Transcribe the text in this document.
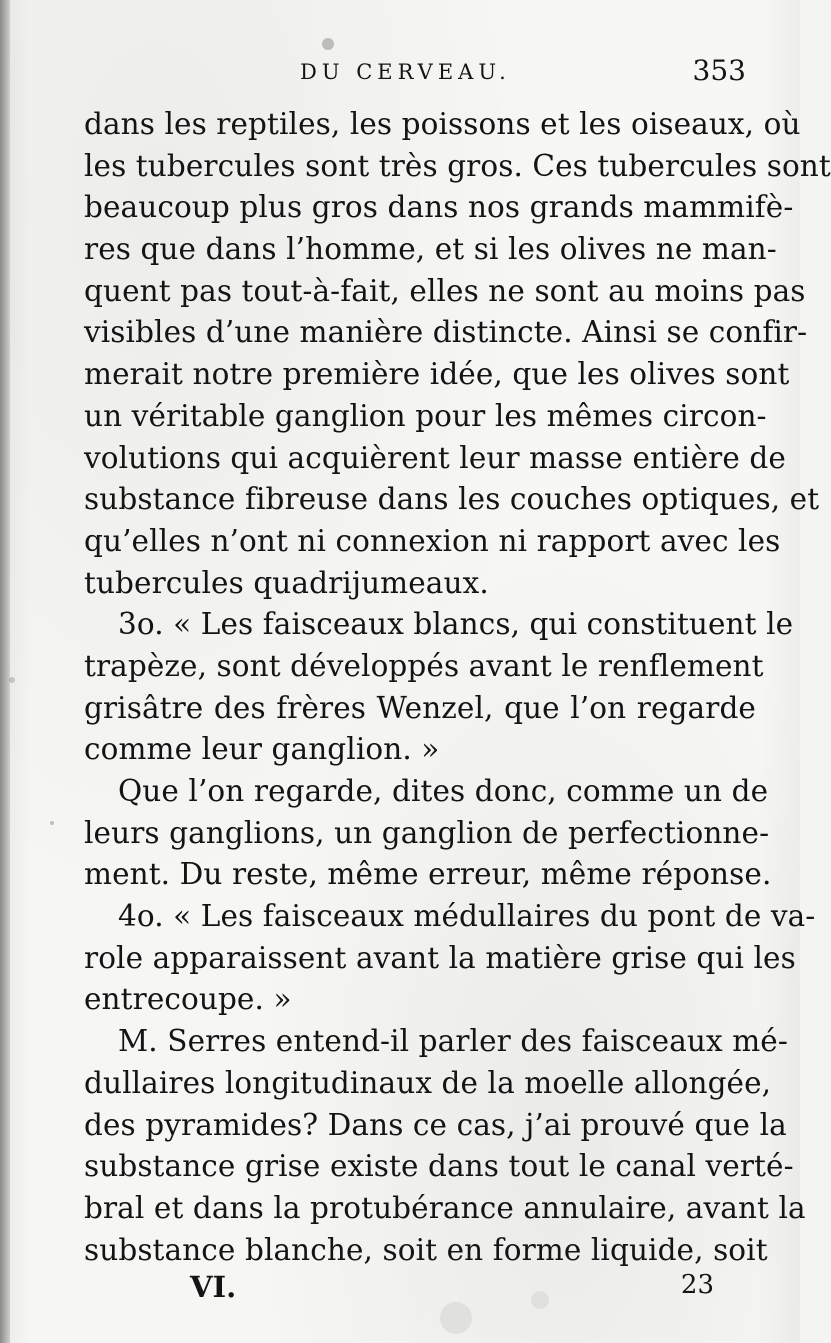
DU CERVEAU.	353
dans les reptiles, les poissons et les oiseaux, où
les tubercules sont très gros. Ces tubercules sont
beaucoup plus gros dans nos grands mammifè-
res que dans l’homme, et si les olives ne man-
quent pas tout-à-fait, elles ne sont au moins pas
visibles d’une manière distincte. Ainsi se confir-
merait notre première idée, que les olives sont
un véritable ganglion pour les mêmes circon-
volutions qui acquièrent leur masse entière de
substance fibreuse dans les couches optiques, et
qu’elles n’ont ni connexion ni rapport avec les
tubercules quadrijumeaux.
3o. « Les faisceaux blancs, qui constituent le
trapèze, sont développés avant le renflement
grisâtre des frères Wenzel, que l’on regarde
comme leur ganglion. »
Que l’on regarde, dites donc, comme un de
leurs ganglions, un ganglion de perfectionne-
ment. Du reste, même erreur, même réponse.
4o. « Les faisceaux médullaires du pont de va-
role apparaissent avant la matière grise qui les
entrecoupe. »
M. Serres entend-il parler des faisceaux mé-
dullaires longitudinaux de la moelle allongée,
des pyramides? Dans ce cas, j’ai prouvé que la
substance grise existe dans tout le canal verté-
bral et dans la protubérance annulaire, avant la
substance blanche, soit en forme liquide, soit
VI.	23
